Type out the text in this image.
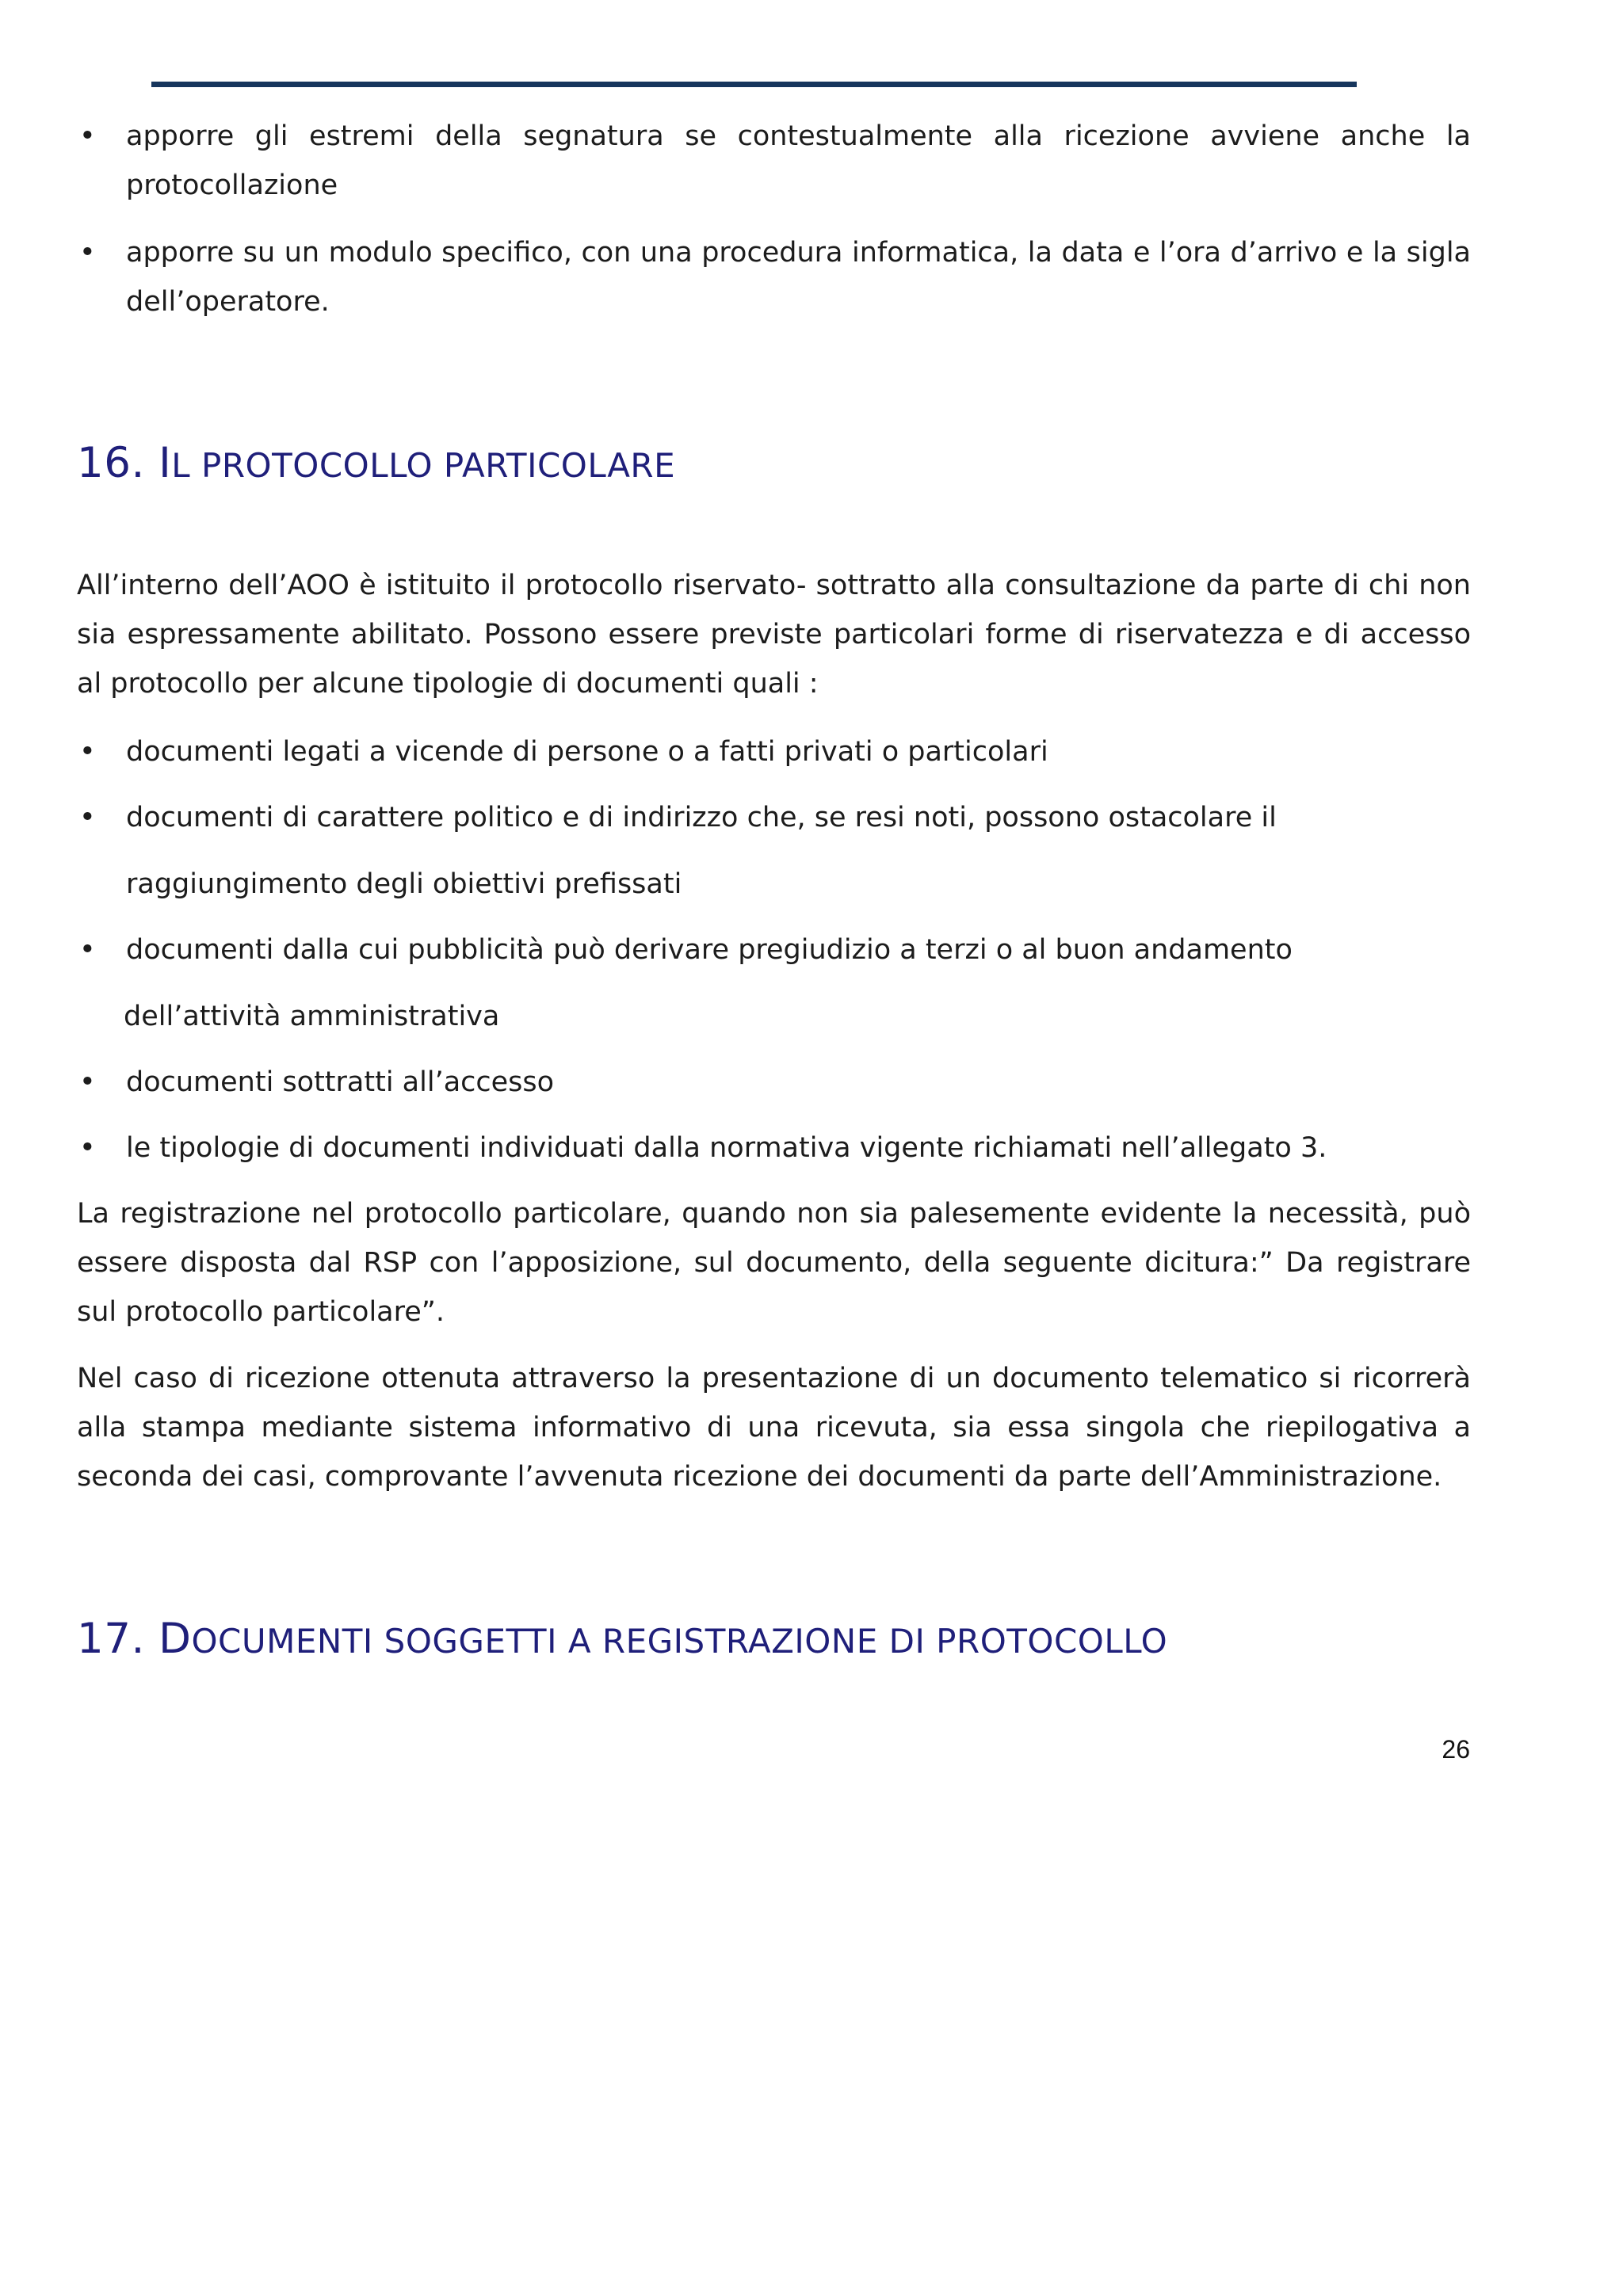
• apporre gli estremi della segnatura se contestualmente alla ricezione avviene anche la
protocollazione
• apporre su un modulo specifico, con una procedura informatica, la data e l’ora d’arrivo e la sigla
dell’operatore.
16. IL PROTOCOLLO PARTICOLARE

All’interno dell’AOO è istituito il protocollo riservato- sottratto alla consultazione da parte di chi non sia espressamente abilitato. Possono essere previste particolari forme di riservatezza e di accesso al protocollo per alcune tipologie di documenti quali :

• documenti legati a vicende di persone o a fatti privati o particolari
• documenti di carattere politico e di indirizzo che, se resi noti, possono ostacolare il
raggiungimento degli obiettivi prefissati
• documenti dalla cui pubblicità può derivare pregiudizio a terzi o al buon andamento
dell’attività amministrativa
• documenti sottratti all’accesso
• le tipologie di documenti individuati dalla normativa vigente richiamati nell’allegato 3.

La registrazione nel protocollo particolare, quando non sia palesemente evidente la necessità, può essere disposta dal RSP con l’apposizione, sul documento, della seguente dicitura:” Da registrare sul protocollo particolare”.

Nel caso di ricezione ottenuta attraverso la presentazione di un documento telematico si ricorrerà alla stampa mediante sistema informativo di una ricevuta, sia essa singola che riepilogativa a seconda dei casi, comprovante l’avvenuta ricezione dei documenti da parte dell’Amministrazione.

17. DOCUMENTI SOGGETTI A REGISTRAZIONE DI PROTOCOLLO
26
